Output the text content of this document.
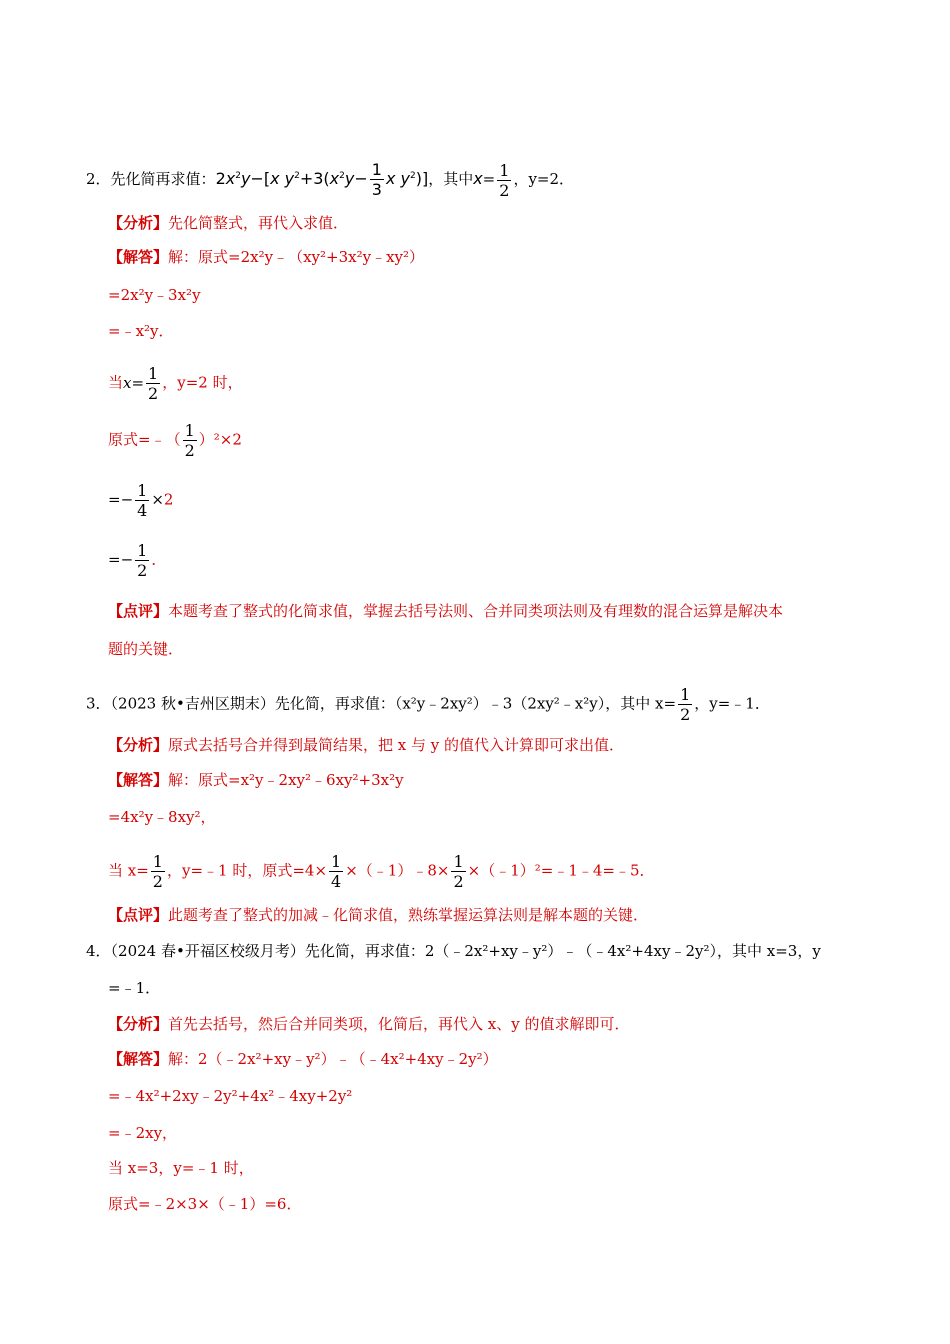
2．先化简再求值：$2x^2y-[x$ $y^2+3(x^2y- \frac{1}{3}$ x $y^2$)]，其中$x= \frac{1}{2}$ ，y=2．
【分析】先化简整式，再代入求值．
【解答】解：原式=2x²y﹣（xy²+3x²y﹣xy²）
=2x²y﹣3x²y
=﹣x²y．
当$x= \frac{1}{2}$ ，y=2 时，
原式=﹣（ $\frac{1}{2} )^2\times 2$
=− $\frac{1}{4} \times 2$
=− $\frac{1}{2}$ ．
【点评】本题考查了整式的化简求值，掌握去括号法则、合并同类项法则及有理数的混合运算是解决本
题的关键．
3．（2023 秋•吉州区期末）先化简，再求值：（x²y﹣2xy²）﹣3（2xy²﹣x²y），其中 $x= \frac{1}{2}$ ，y=﹣1．
【分析】原式去括号合并得到最简结果，把 x 与 y 的值代入计算即可求出值．
【解答】解：原式=x²y﹣2xy²﹣6xy²+3x²y
=4x²y﹣8xy²，
当 $x= \frac{1}{2}$ ，y=﹣1 时，原式$=4\times \frac{1}{4}$ ×（﹣1）﹣8× $\frac{1}{2}$ ×（﹣1）²=﹣1﹣4=﹣5．
【点评】此题考查了整式的加减﹣化简求值，熟练掌握运算法则是解本题的关键．
4．（2024 春•开福区校级月考）先化简，再求值：2（﹣2x²+xy﹣y²）﹣（﹣4x²+4xy﹣2y²），其中 x=3，y
=﹣1．
【分析】首先去括号，然后合并同类项，化简后，再代入 x、y 的值求解即可．
【解答】解：2（﹣2x²+xy﹣y²）﹣（﹣4x²+4xy﹣2y²）
=﹣4x²+2xy﹣2y²+4x²﹣4xy+2y²
=﹣2xy，
当 x=3，y=﹣1 时，
原式=﹣2×3×（﹣1）=6．
